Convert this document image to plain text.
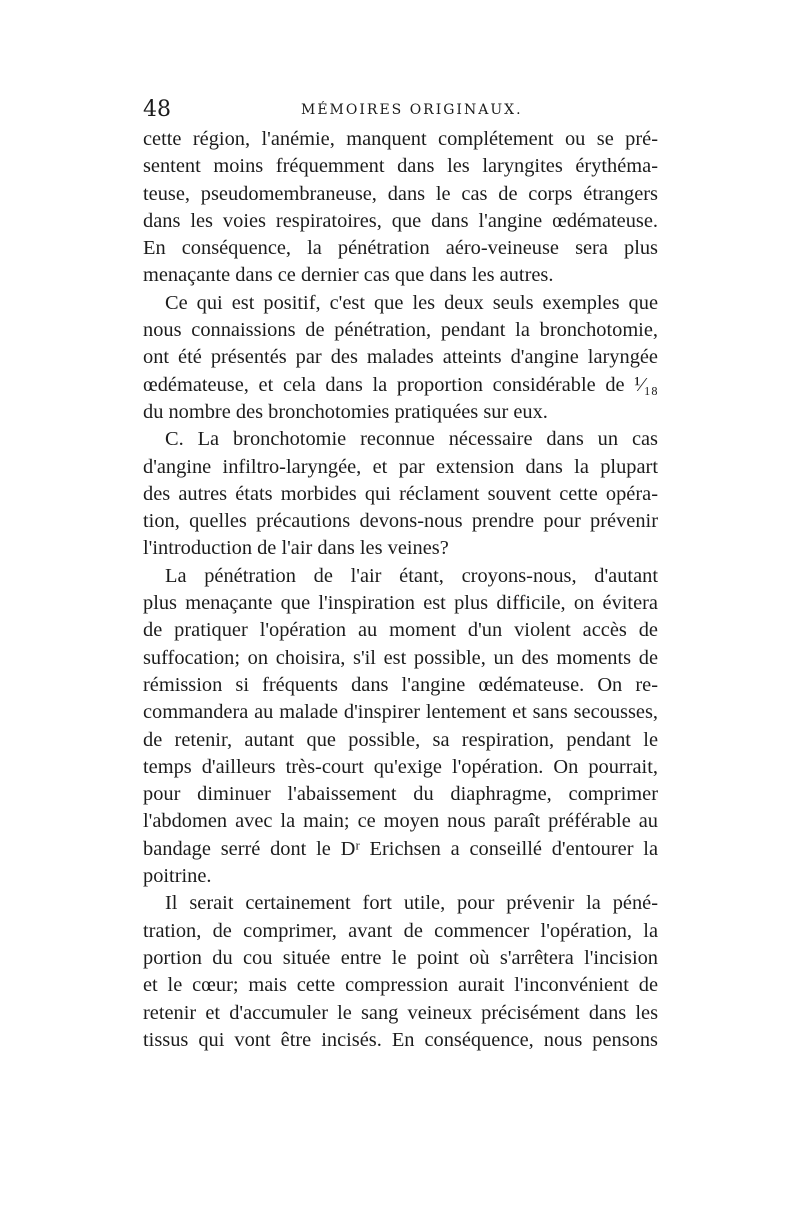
48	MÉMOIRES ORIGINAUX.
cette région, l'anémie, manquent complétement ou se pré-
sentent moins fréquemment dans les laryngites érythéma-
teuse, pseudomembraneuse, dans le cas de corps étrangers
dans les voies respiratoires, que dans l'angine œdémateuse.
En conséquence, la pénétration aéro-veineuse sera plus
menaçante dans ce dernier cas que dans les autres.
Ce qui est positif, c'est que les deux seuls exemples que
nous connaissions de pénétration, pendant la bronchotomie,
ont été présentés par des malades atteints d'angine laryngée
œdémateuse, et cela dans la proportion considérable de ¹⁄₁₈
du nombre des bronchotomies pratiquées sur eux.
C. La bronchotomie reconnue nécessaire dans un cas
d'angine infiltro-laryngée, et par extension dans la plupart
des autres états morbides qui réclament souvent cette opéra-
tion, quelles précautions devons-nous prendre pour prévenir
l'introduction de l'air dans les veines?
La pénétration de l'air étant, croyons-nous, d'autant
plus menaçante que l'inspiration est plus difficile, on évitera
de pratiquer l'opération au moment d'un violent accès de
suffocation; on choisira, s'il est possible, un des moments de
rémission si fréquents dans l'angine œdémateuse. On re-
commandera au malade d'inspirer lentement et sans secousses,
de retenir, autant que possible, sa respiration, pendant le
temps d'ailleurs très-court qu'exige l'opération. On pourrait,
pour diminuer l'abaissement du diaphragme, comprimer
l'abdomen avec la main; ce moyen nous paraît préférable au
bandage serré dont le Dʳ Erichsen a conseillé d'entourer la
poitrine.
Il serait certainement fort utile, pour prévenir la péné-
tration, de comprimer, avant de commencer l'opération, la
portion du cou située entre le point où s'arrêtera l'incision
et le cœur; mais cette compression aurait l'inconvénient de
retenir et d'accumuler le sang veineux précisément dans les
tissus qui vont être incisés. En conséquence, nous pensons
